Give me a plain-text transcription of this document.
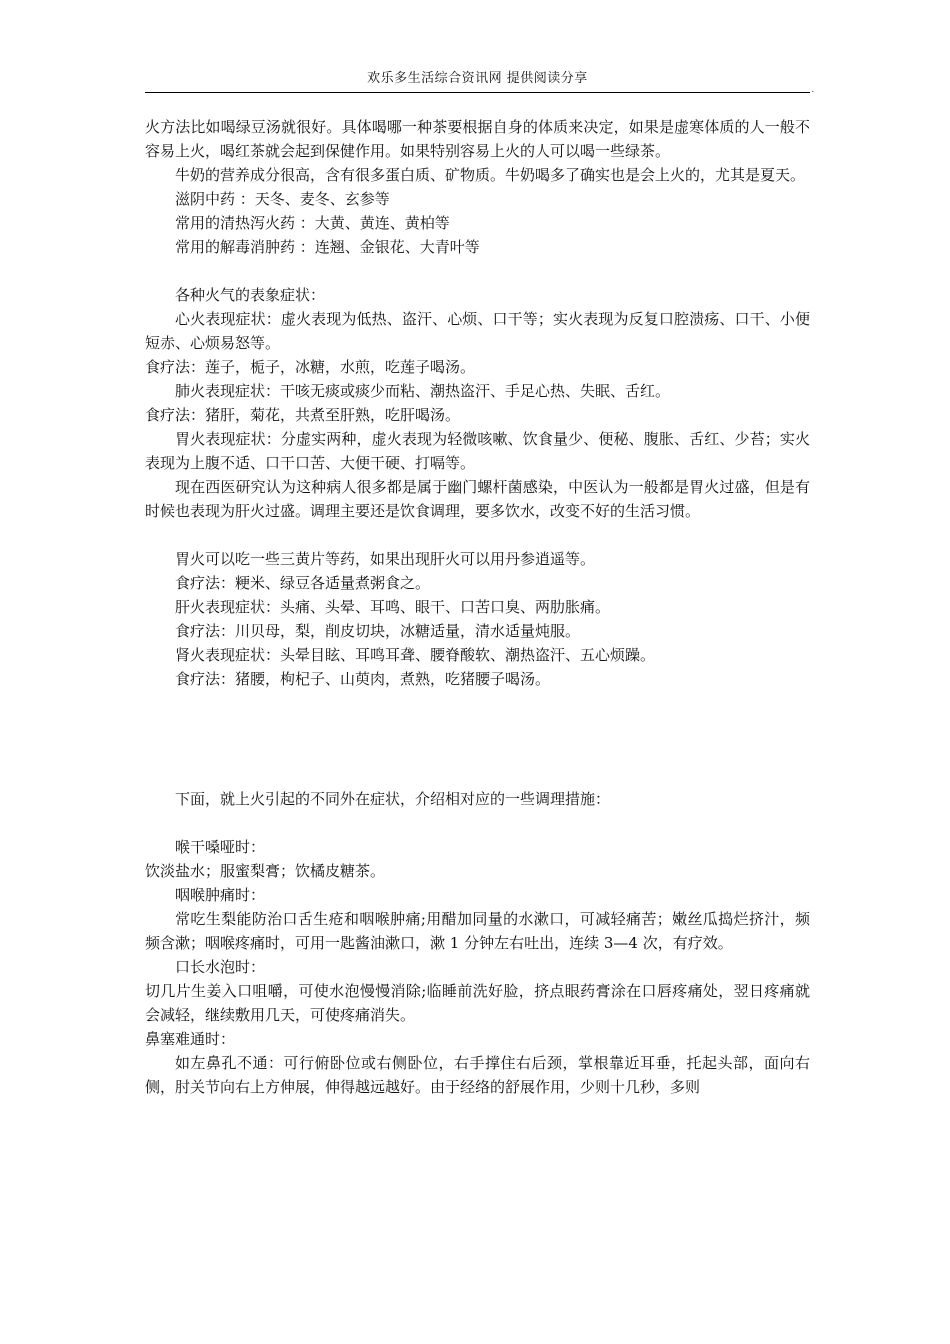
欢乐多生活综合资讯网 提供阅读分享
.

火方法比如喝绿豆汤就很好。具体喝哪一种茶要根据自身的体质来决定，如果是虚寒体质的人一般不容易上火，喝红茶就会起到保健作用。如果特别容易上火的人可以喝一些绿茶。

牛奶的营养成分很高，含有很多蛋白质、矿物质。牛奶喝多了确实也是会上火的，尤其是夏天。

滋阴中药 ：天冬、麦冬、玄参等

常用的清热泻火药 ：大黄、黄连、黄柏等

常用的解毒消肿药 ：连翘、金银花、大青叶等

各种火气的表象症状：

心火表现症状：虚火表现为低热、盗汗、心烦、口干等；实火表现为反复口腔溃疡、口干、小便短赤、心烦易怒等。

食疗法：莲子，栀子，冰糖，水煎，吃莲子喝汤。

肺火表现症状：干咳无痰或痰少而粘、潮热盗汗、手足心热、失眠、舌红。

食疗法：猪肝，菊花，共煮至肝熟，吃肝喝汤。

胃火表现症状：分虚实两种，虚火表现为轻微咳嗽、饮食量少、便秘、腹胀、舌红、少苔；实火表现为上腹不适、口干口苦、大便干硬、打嗝等。

现在西医研究认为这种病人很多都是属于幽门螺杆菌感染，中医认为一般都是胃火过盛，但是有时候也表现为肝火过盛。调理主要还是饮食调理，要多饮水，改变不好的生活习惯。

胃火可以吃一些三黄片等药，如果出现肝火可以用丹参逍遥等。

食疗法：粳米、绿豆各适量煮粥食之。

肝火表现症状：头痛、头晕、耳鸣、眼干、口苦口臭、两肋胀痛。

食疗法：川贝母，梨，削皮切块，冰糖适量，清水适量炖服。

肾火表现症状：头晕目眩、耳鸣耳聋、腰脊酸软、潮热盗汗、五心烦躁。

食疗法：猪腰，枸杞子、山萸肉，煮熟，吃猪腰子喝汤。

下面，就上火引起的不同外在症状，介绍相对应的一些调理措施：

喉干嗓哑时：

饮淡盐水；服蜜梨膏；饮橘皮糖茶。

咽喉肿痛时：

常吃生梨能防治口舌生疮和咽喉肿痛;用醋加同量的水漱口，可减轻痛苦；嫩丝瓜捣烂挤汁，频频含漱；咽喉疼痛时，可用一匙酱油漱口，漱 1 分钟左右吐出，连续 3—4 次，有疗效。

口长水泡时：

切几片生姜入口咀嚼，可使水泡慢慢消除;临睡前洗好脸，挤点眼药膏涂在口唇疼痛处，翌日疼痛就会减轻，继续敷用几天，可使疼痛消失。

鼻塞难通时：

如左鼻孔不通：可行俯卧位或右侧卧位，右手撑住右后颈，掌根靠近耳垂，托起头部，面向右侧，肘关节向右上方伸展，伸得越远越好。由于经络的舒展作用，少则十几秒，多则
